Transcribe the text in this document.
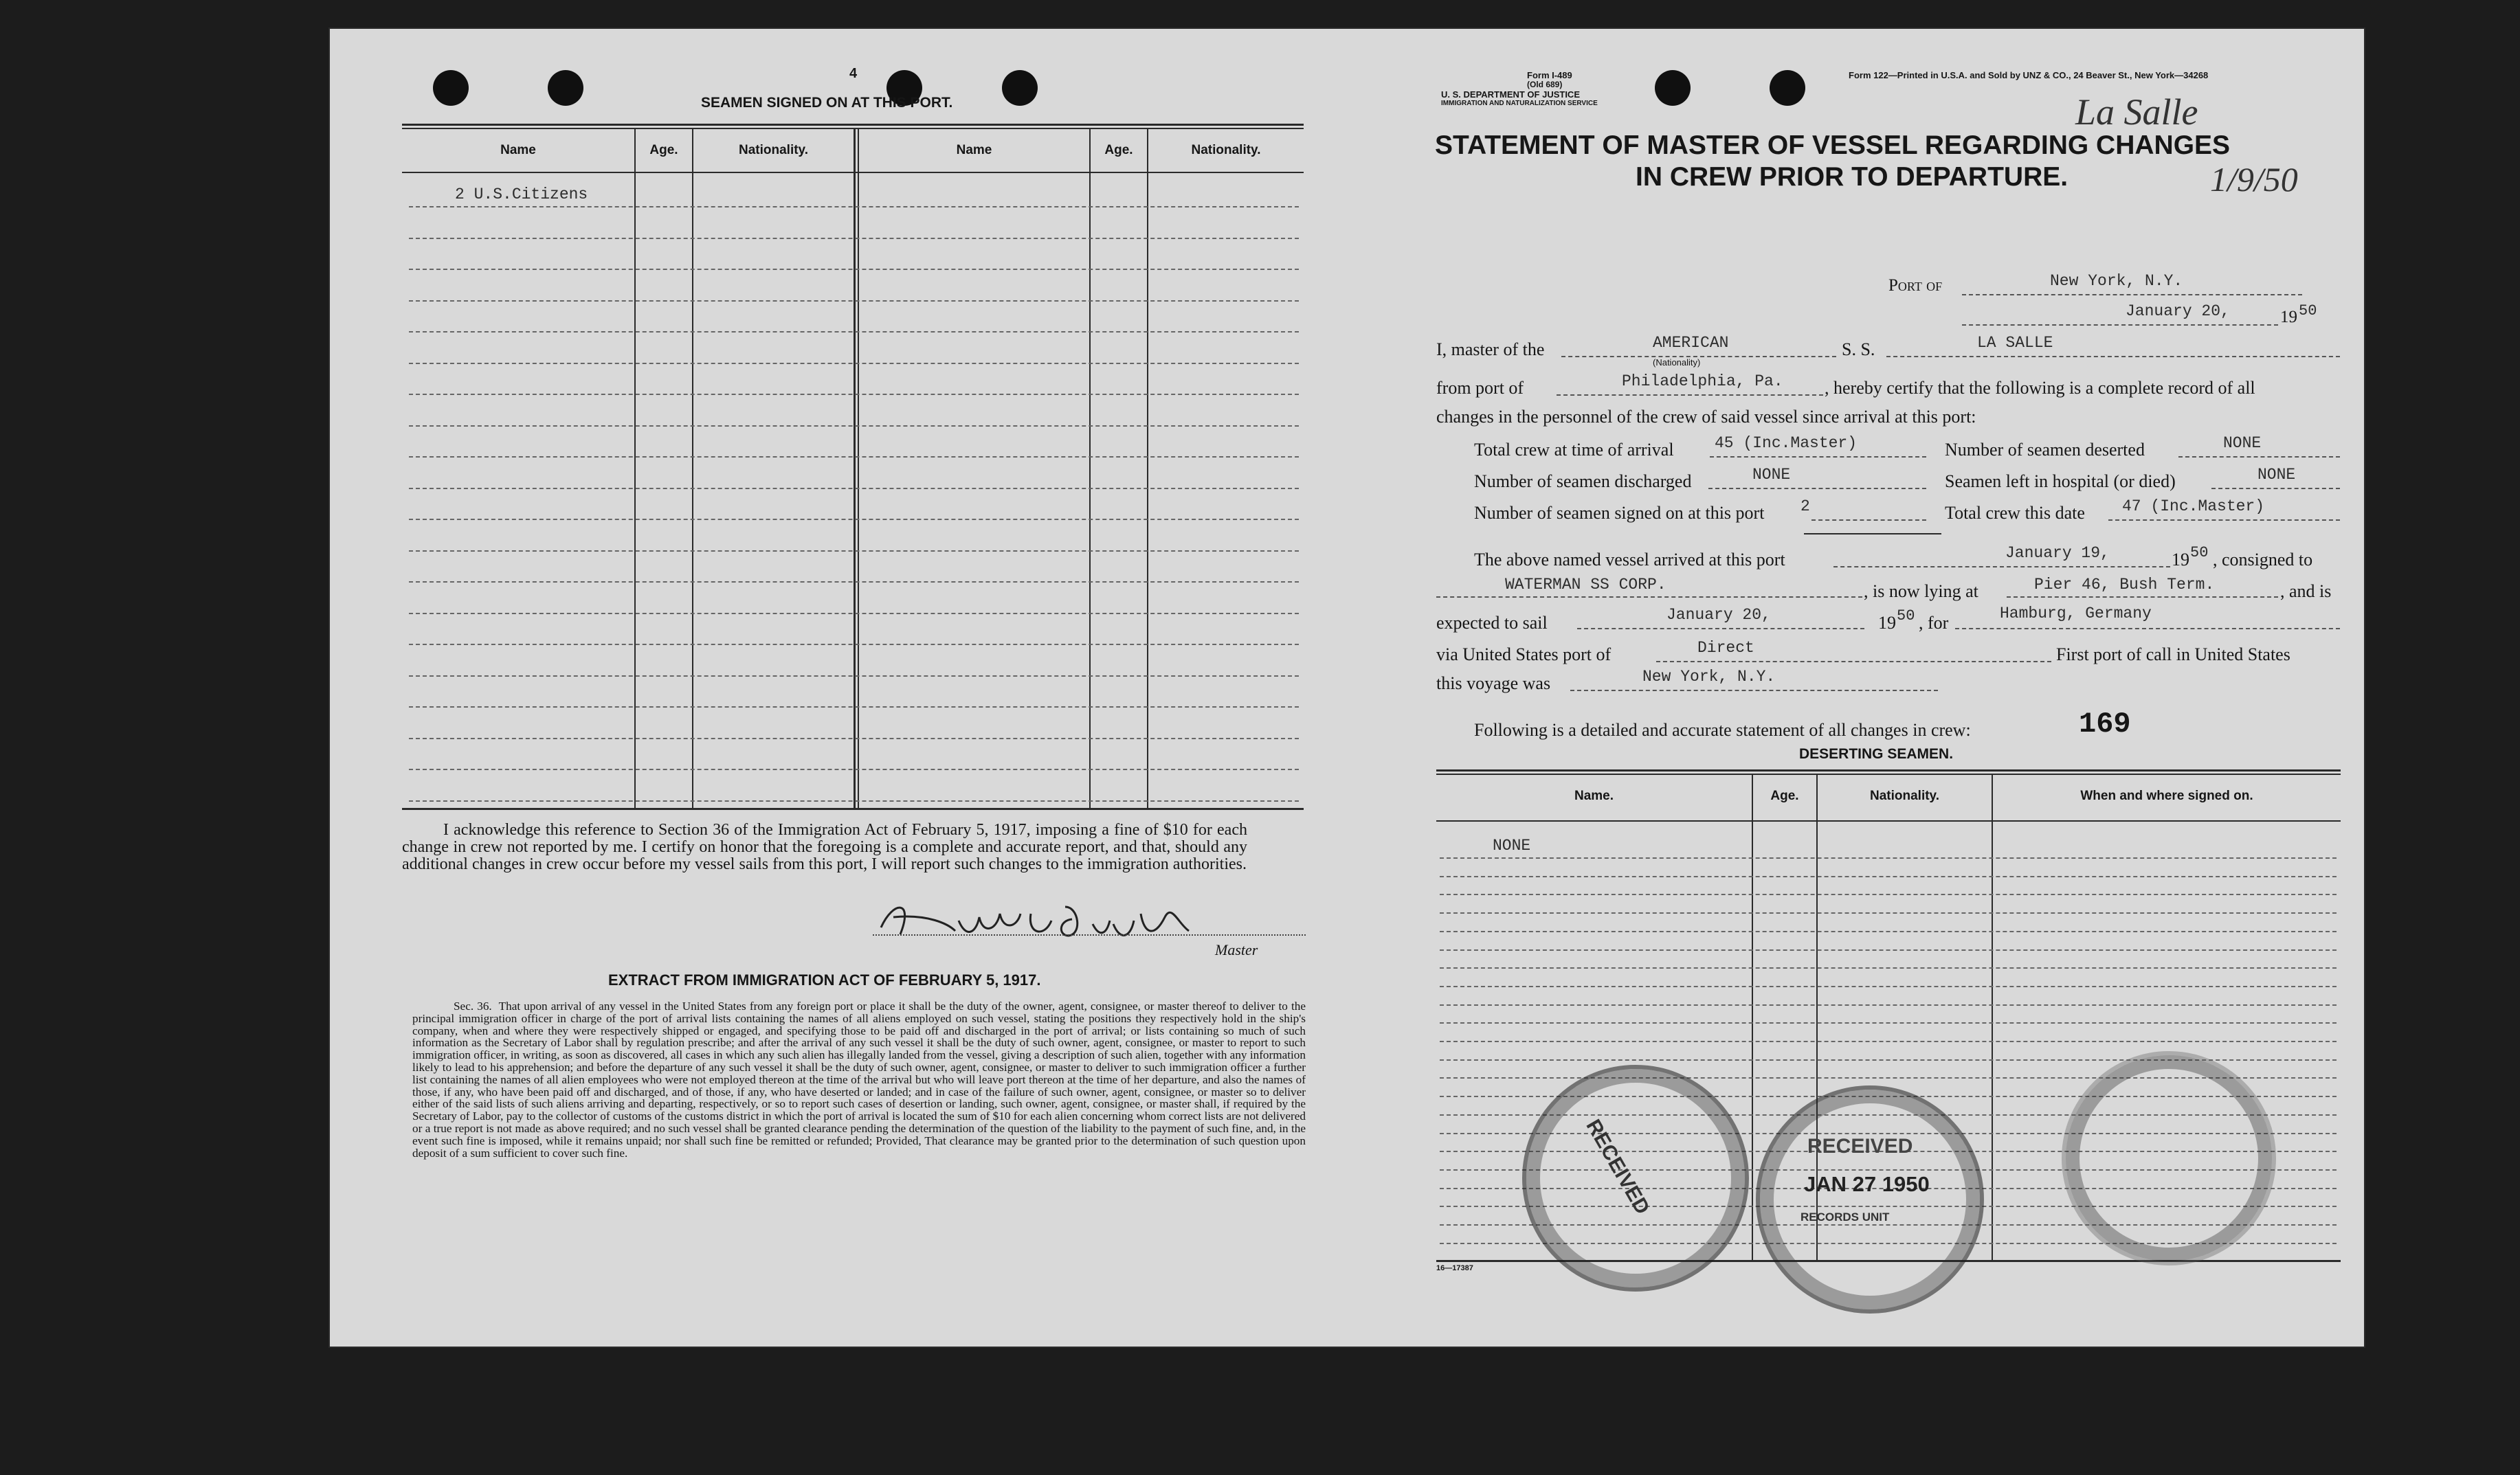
4
SEAMEN SIGNED ON AT THIS PORT.
Name	Age.	Nationality.	Name	Age.	Nationality.
2 U.S.Citizens
I acknowledge this reference to Section 36 of the Immigration Act of February 5, 1917, imposing a fine of $10 for each change in crew not reported by me. I certify on honor that the foregoing is a complete and accurate report, and that, should any additional changes in crew occur before my vessel sails from this port, I will report such changes to the immigration authorities.
Master
EXTRACT FROM IMMIGRATION ACT OF FEBRUARY 5, 1917.
Sec. 36. That upon arrival of any vessel in the United States from any foreign port or place it shall be the duty of the owner, agent, consignee, or master thereof to deliver to the principal immigration officer in charge of the port of arrival lists containing the names of all aliens employed on such vessel, stating the positions they respectively hold in the ship's company, when and where they were respectively shipped or engaged, and specifying those to be paid off and discharged in the port of arrival; or lists containing so much of such information as the Secretary of Labor shall by regulation prescribe; and after the arrival of any such vessel it shall be the duty of such owner, agent, consignee, or master to report to such immigration officer, in writing, as soon as discovered, all cases in which any such alien has illegally landed from the vessel, giving a description of such alien, together with any information likely to lead to his apprehension; and before the departure of any such vessel it shall be the duty of such owner, agent, consignee, or master to deliver to such immigration officer a further list containing the names of all alien employees who were not employed thereon at the time of the arrival but who will leave port thereon at the time of her departure, and also the names of those, if any, who have been paid off and discharged, and of those, if any, who have deserted or landed; and in case of the failure of such owner, agent, consignee, or master so to deliver either of the said lists of such aliens arriving and departing, respectively, or so to report such cases of desertion or landing, such owner, agent, consignee, or master shall, if required by the Secretary of Labor, pay to the collector of customs of the customs district in which the port of arrival is located the sum of $10 for each alien concerning whom correct lists are not delivered or a true report is not made as above required; and no such vessel shall be granted clearance pending the determination of the question of the liability to the payment of such fine, and, in the event such fine is imposed, while it remains unpaid; nor shall such fine be remitted or refunded; Provided, That clearance may be granted prior to the determination of such question upon deposit of a sum sufficient to cover such fine.
Form I-489
(Old 689)
U. S. DEPARTMENT OF JUSTICE
IMMIGRATION AND NATURALIZATION SERVICE
Form 122—Printed in U.S.A. and Sold by UNZ & CO., 24 Beaver St., New York—34268
La Salle
1/9/50
STATEMENT OF MASTER OF VESSEL REGARDING CHANGES
IN CREW PRIOR TO DEPARTURE.
Port of	New York, N.Y.
January 20,	19 50
I, master of the	AMERICAN
(Nationality)
S. S.	LA SALLE
from port of	Philadelphia, Pa. , hereby certify that the following is a complete record of all
changes in the personnel of the crew of said vessel since arrival at this port:
Total crew at time of arrival	45 (Inc.Master)	Number of seamen deserted	NONE
Number of seamen discharged	NONE	Seamen left in hospital (or died)	NONE
Number of seamen signed on at this port 2	Total crew this date 47 (Inc.Master)
The above named vessel arrived at this port	January 19,	19 50 , consigned to
WATERMAN SS CORP.	, is now lying at	Pier 46, Bush Term.	, and is
expected to sail	January 20,	19 50 , for	Hamburg, Germany
via United States port of	Direct	First port of call in United States
this voyage was	New York, N.Y.
Following is a detailed and accurate statement of all changes in crew:	169
DESERTING SEAMEN.
Name.	Age.	Nationality.	When and where signed on.
NONE
16—17387
RECEIVED	RECEIVED
JAN 27 1950
RECORDS UNIT
